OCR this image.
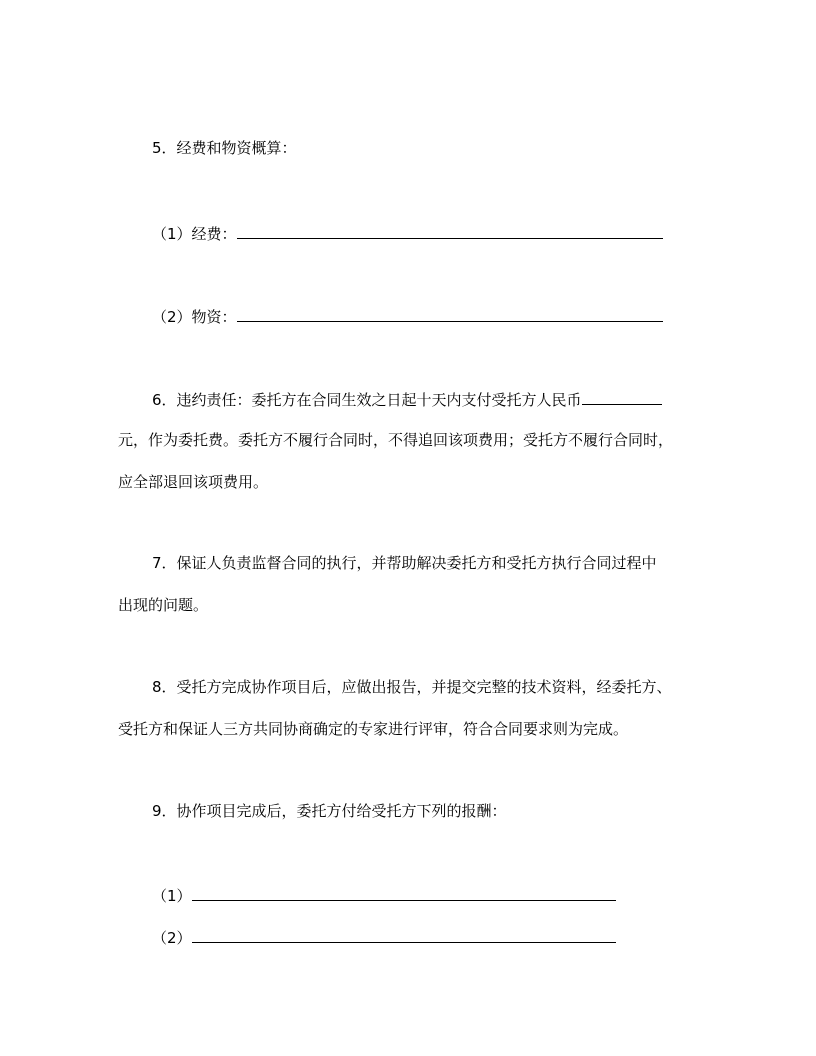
5．经费和物资概算：
（1）经费：
（2）物资：
6．违约责任：委托方在合同生效之日起十天内支付受托方人民币
元，作为委托费。委托方不履行合同时，不得追回该项费用；受托方不履行合同时，
应全部退回该项费用。
7．保证人负责监督合同的执行，并帮助解决委托方和受托方执行合同过程中
出现的问题。
8．受托方完成协作项目后，应做出报告，并提交完整的技术资料，经委托方、
受托方和保证人三方共同协商确定的专家进行评审，符合合同要求则为完成。
9．协作项目完成后，委托方付给受托方下列的报酬：
（1）
（2）
